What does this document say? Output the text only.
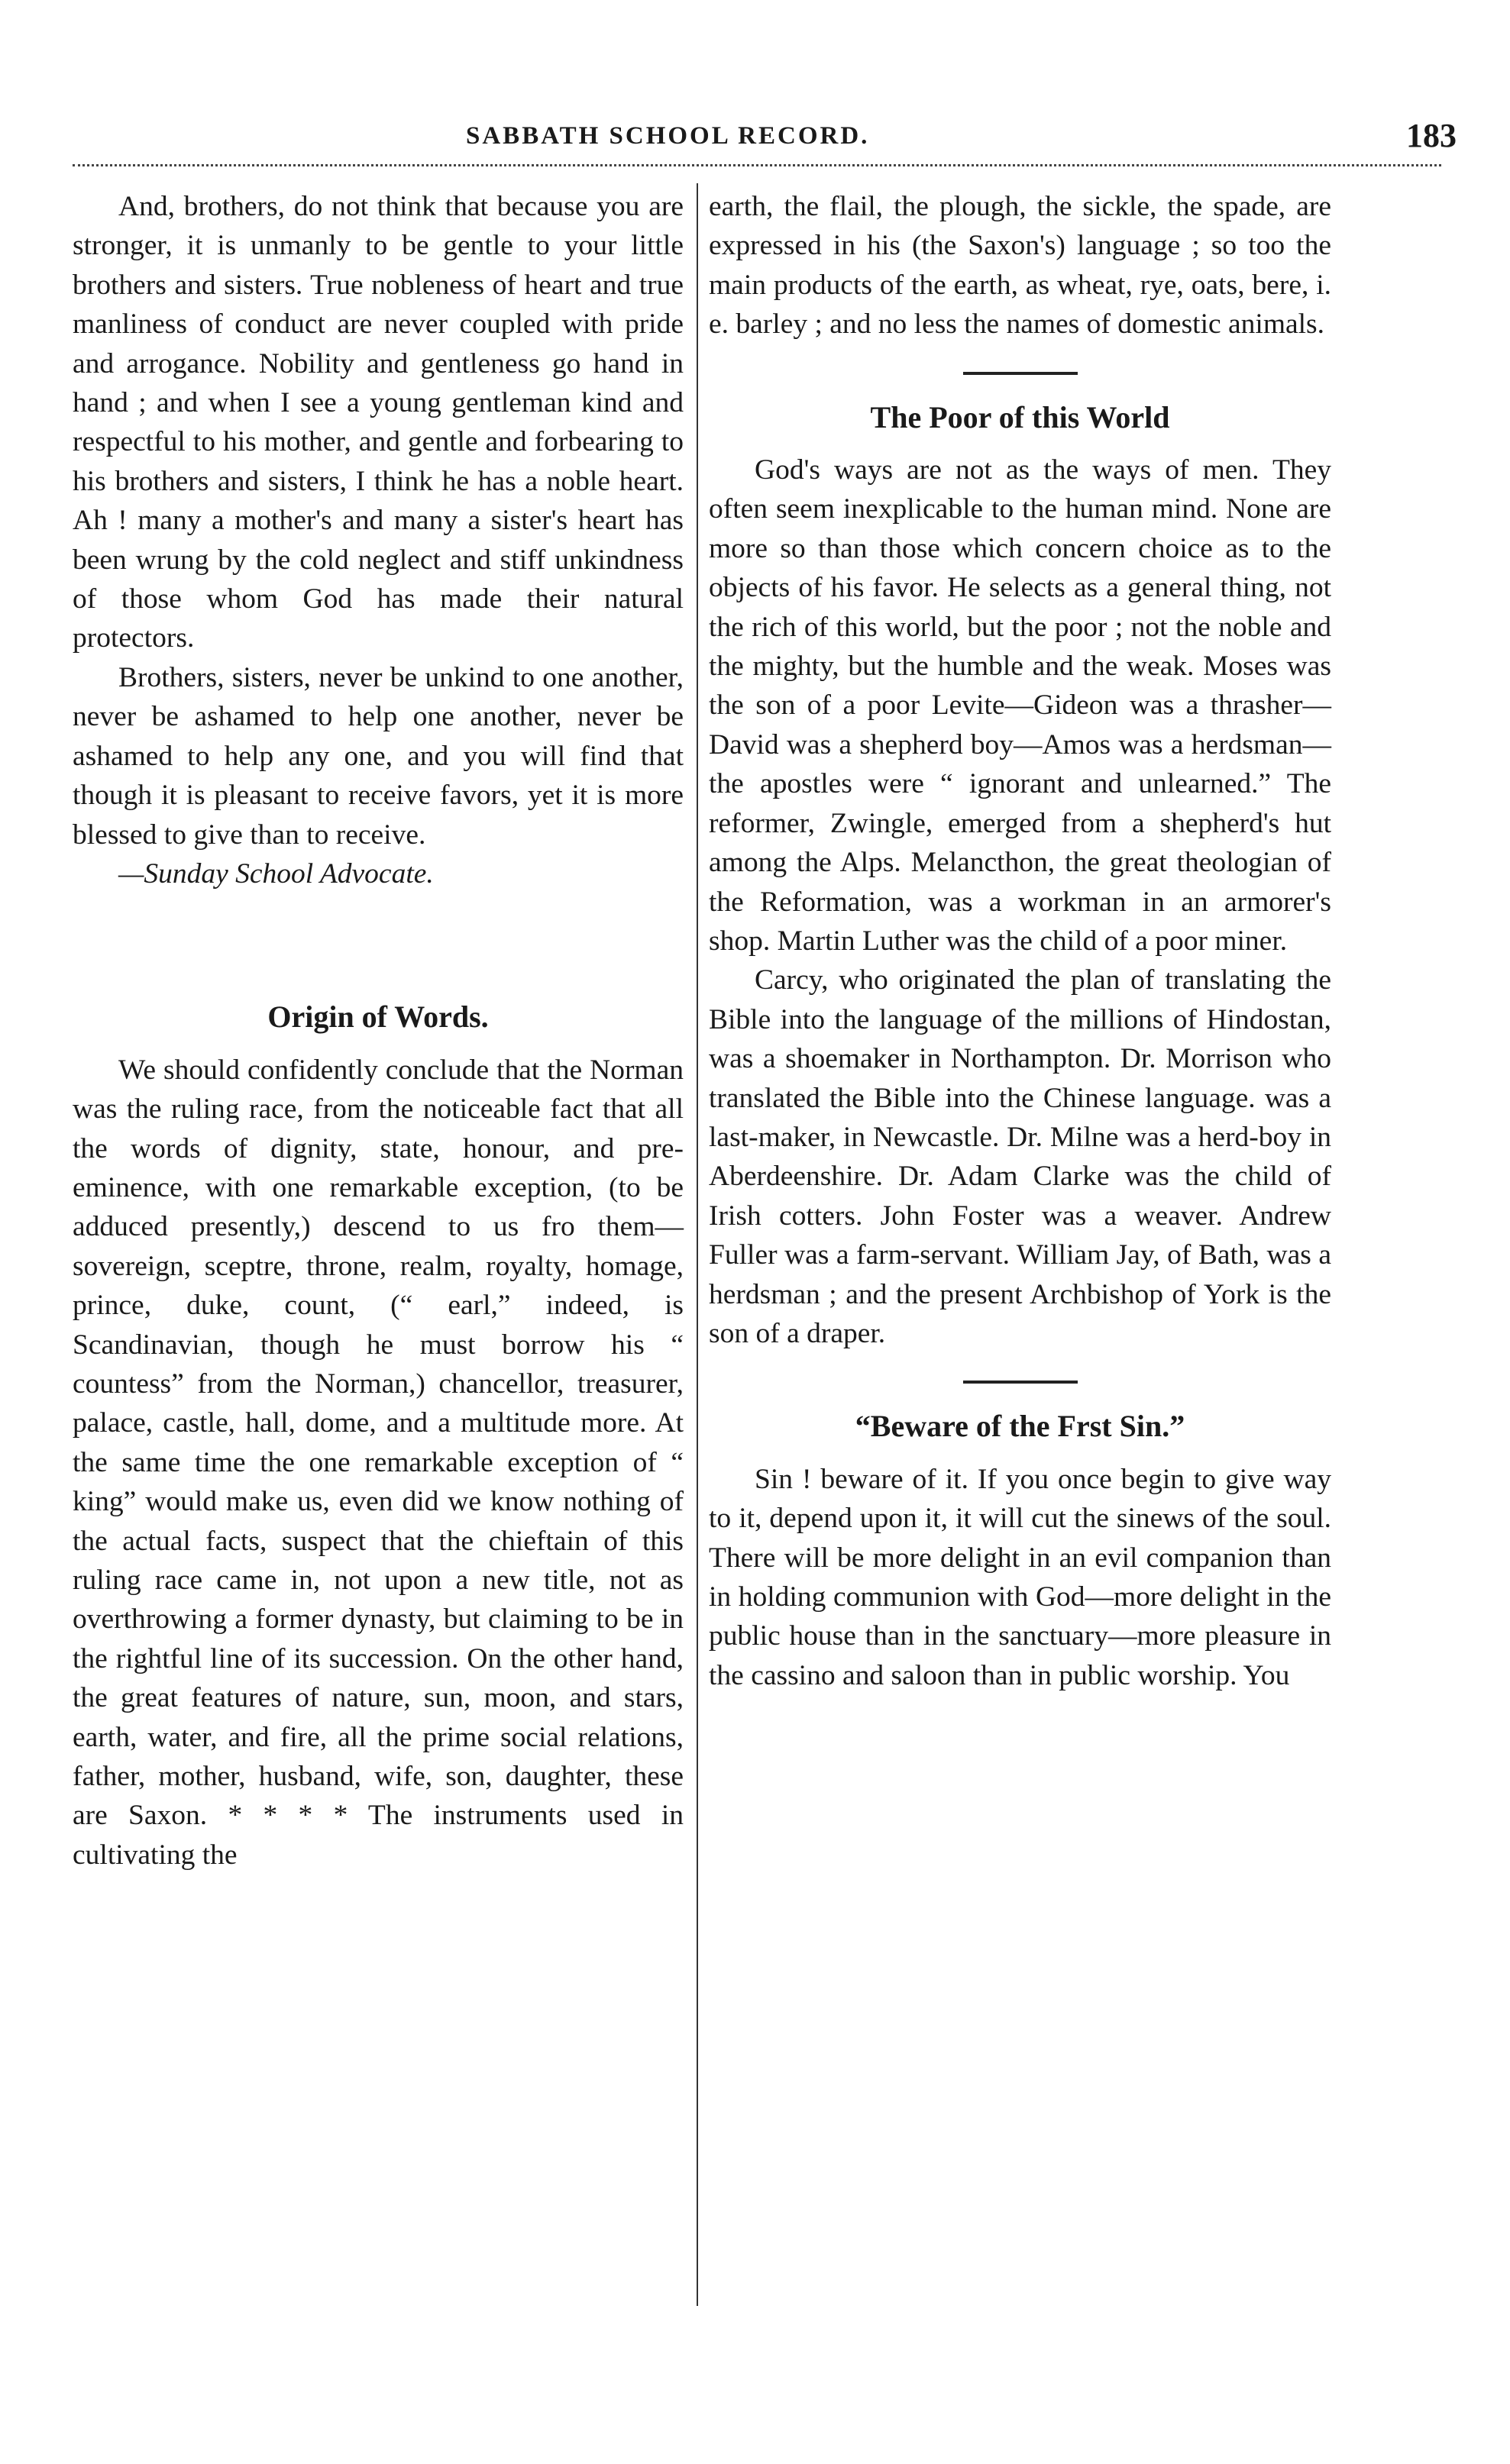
SABBATH SCHOOL RECORD.	183

And, brothers, do not think that because you are stronger, it is unmanly to be gentle to your little brothers and sisters. True nobleness of heart and true manliness of conduct are never coupled with pride and arrogance. Nobility and gentleness go hand in hand ; and when I see a young gentleman kind and respectful to his mother, and gentle and forbearing to his brothers and sisters, I think he has a noble heart. Ah ! many a mother's and many a sister's heart has been wrung by the cold neglect and stiff unkindness of those whom God has made their natural protectors.

Brothers, sisters, never be unkind to one another, never be ashamed to help one another, never be ashamed to help any one, and you will find that though it is pleasant to receive favors, yet it is more blessed to give than to receive.

—Sunday School Advocate.

Origin of Words.

We should confidently conclude that the Norman was the ruling race, from the noticeable fact that all the words of dignity, state, honour, and pre-eminence, with one remarkable exception, (to be adduced presently,) descend to us fro them—sovereign, sceptre, throne, realm, royalty, homage, prince, duke, count, (“ earl,” indeed, is Scandinavian, though he must borrow his “ countess” from the Norman,) chancellor, treasurer, palace, castle, hall, dome, and a multitude more. At the same time the one remarkable exception of “ king” would make us, even did we know nothing of the actual facts, suspect that the chieftain of this ruling race came in, not upon a new title, not as overthrowing a former dynasty, but claiming to be in the rightful line of its succession. On the other hand, the great features of nature, sun, moon, and stars, earth, water, and fire, all the prime social relations, father, mother, husband, wife, son, daughter, these are Saxon. * * * * The instruments used in cultivating the

earth, the flail, the plough, the sickle, the spade, are expressed in his (the Saxon's) language ; so too the main products of the earth, as wheat, rye, oats, bere, i. e. barley ; and no less the names of domestic animals.

The Poor of this World

God's ways are not as the ways of men. They often seem inexplicable to the human mind. None are more so than those which concern choice as to the objects of his favor. He selects as a general thing, not the rich of this world, but the poor ; not the noble and the mighty, but the humble and the weak. Moses was the son of a poor Levite—Gideon was a thrasher—David was a shepherd boy—Amos was a herdsman—the apostles were “ ignorant and unlearned.” The reformer, Zwingle, emerged from a shepherd's hut among the Alps. Melancthon, the great theologian of the Reformation, was a workman in an armorer's shop. Martin Luther was the child of a poor miner.

Carcy, who originated the plan of translating the Bible into the language of the millions of Hindostan, was a shoemaker in Northampton. Dr. Morrison who translated the Bible into the Chinese language. was a last-maker, in Newcastle. Dr. Milne was a herd-boy in Aberdeenshire. Dr. Adam Clarke was the child of Irish cotters. John Foster was a weaver. Andrew Fuller was a farm-servant. William Jay, of Bath, was a herdsman ; and the present Archbishop of York is the son of a draper.

“Beware of the Frst Sin.”

Sin ! beware of it. If you once begin to give way to it, depend upon it, it will cut the sinews of the soul. There will be more delight in an evil companion than in holding communion with God—more delight in the public house than in the sanctuary—more pleasure in the cassino and saloon than in public worship. You
